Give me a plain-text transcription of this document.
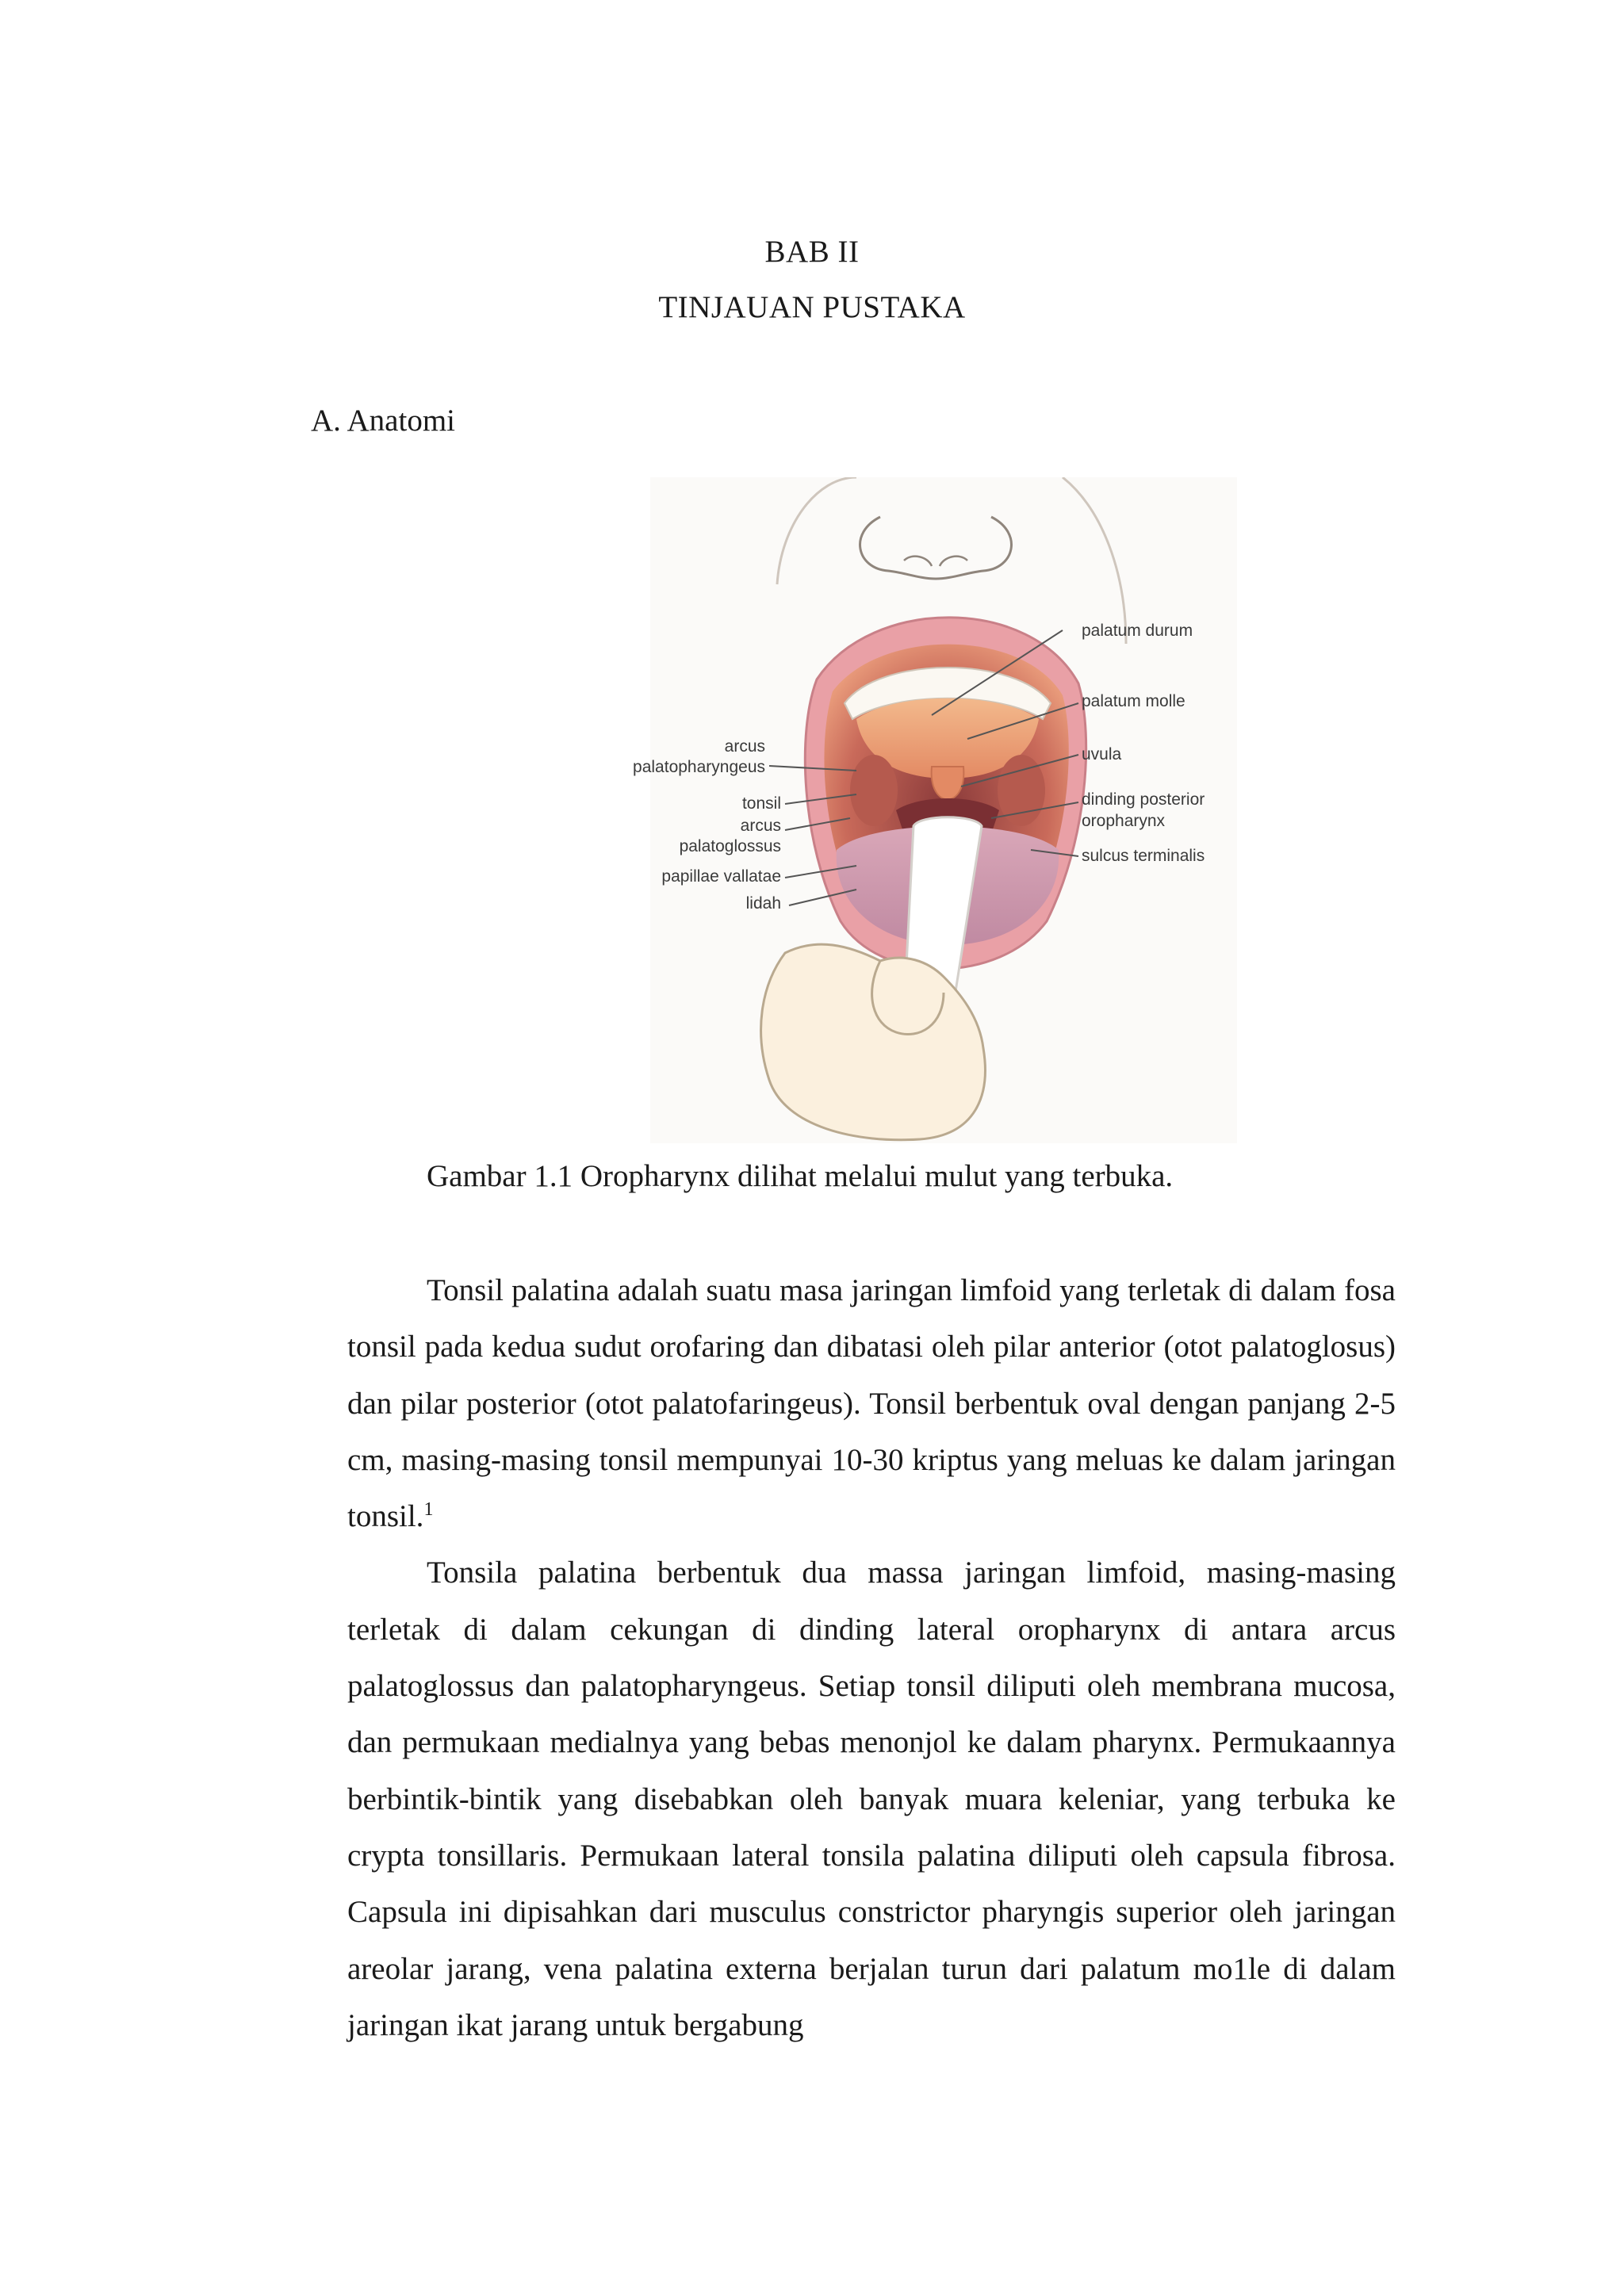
BAB II
TINJAUAN PUSTAKA
A. Anatomi
palatum durum
palatum molle
uvula
dinding posterior
oropharynx
sulcus terminalis
arcus
palatopharyngeus
tonsil
arcus
palatoglossus
papillae vallatae
lidah
Gambar 1.1 Oropharynx dilihat melalui mulut yang terbuka.

Tonsil palatina adalah suatu masa jaringan limfoid yang terletak di dalam fosa tonsil pada kedua sudut orofaring dan dibatasi oleh pilar anterior (otot palatoglosus) dan pilar posterior (otot palatofaringeus). Tonsil berbentuk oval dengan panjang 2-5 cm, masing-masing tonsil mempunyai 10-30 kriptus yang meluas ke dalam jaringan tonsil.$^1$

Tonsila palatina berbentuk dua massa jaringan limfoid, masing-masing terletak di dalam cekungan di dinding lateral oropharynx di antara arcus palatoglossus dan palatopharyngeus. Setiap tonsil diliputi oleh membrana mucosa, dan permukaan medialnya yang bebas menonjol ke dalam pharynx. Permukaannya berbintik-bintik yang disebabkan oleh banyak muara keleniar, yang terbuka ke crypta tonsillaris. Permukaan lateral tonsila palatina diliputi oleh capsula fibrosa. Capsula ini dipisahkan dari musculus constrictor pharyngis superior oleh jaringan areolar jarang, vena palatina externa berjalan turun dari palatum mo1le di dalam jaringan ikat jarang untuk bergabung
